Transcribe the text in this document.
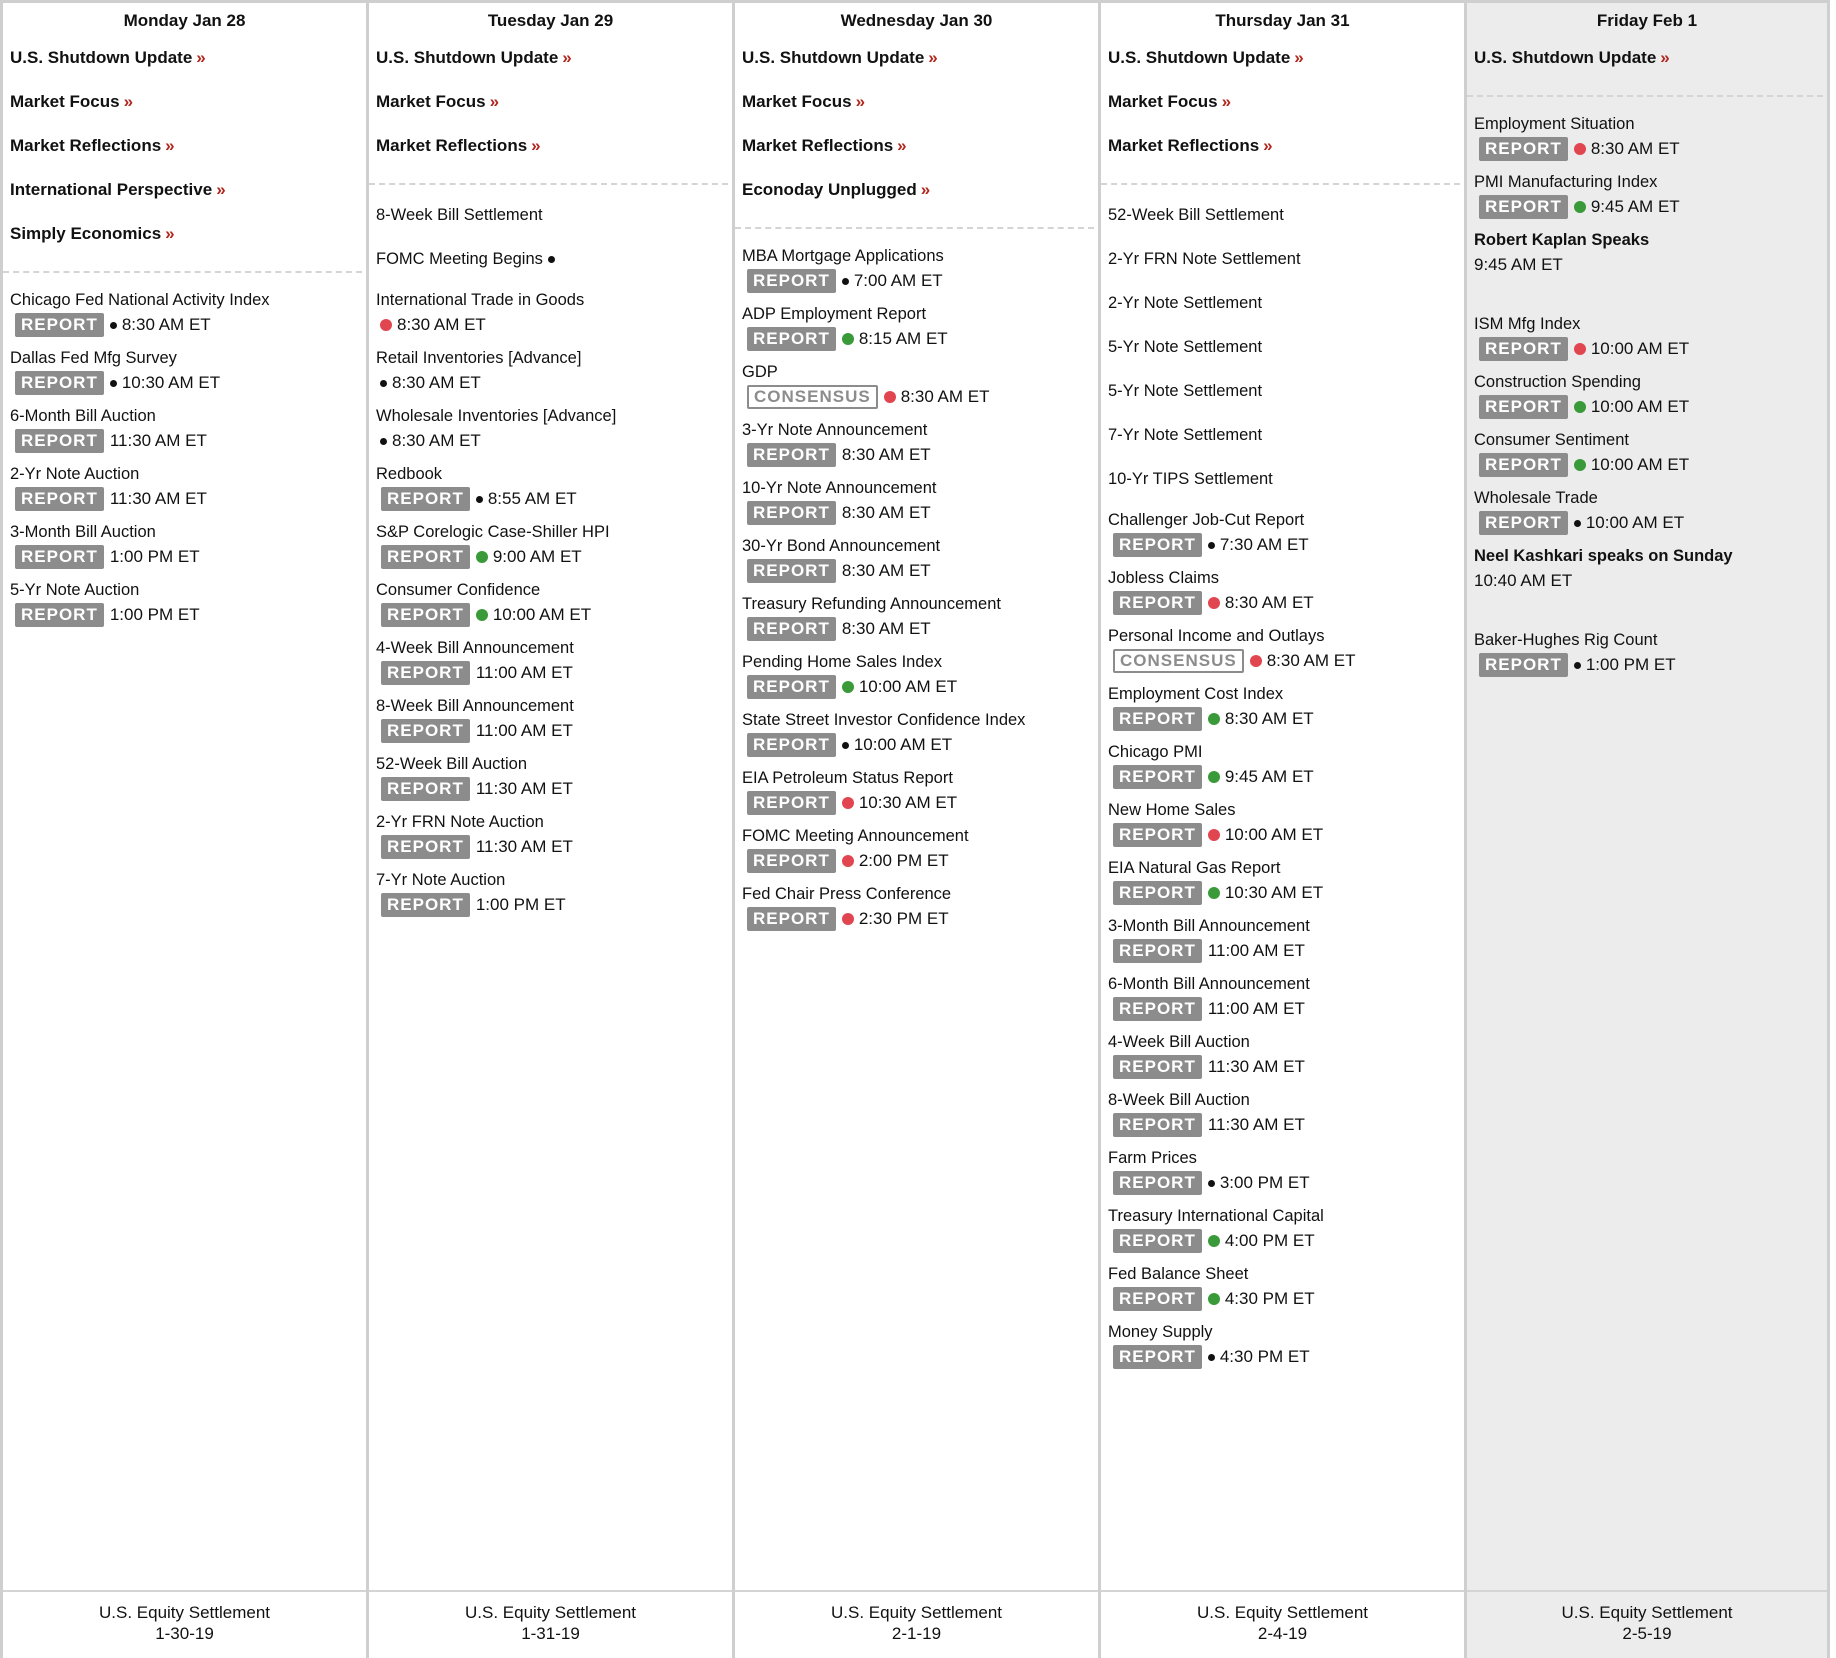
Monday Jan 28
U.S. Shutdown Update »
Market Focus »
Market Reflections »
International Perspective »
Simply Economics »
Chicago Fed National Activity Index
REPORT	8:30 AM ET
Dallas Fed Mfg Survey
REPORT	10:30 AM ET
6-Month Bill Auction
REPORT 11:30 AM ET
2-Yr Note Auction
REPORT 11:30 AM ET
3-Month Bill Auction
REPORT 1:00 PM ET
5-Yr Note Auction
REPORT 1:00 PM ET
U.S. Equity Settlement
1-30-19
Tuesday Jan 29
U.S. Shutdown Update »
Market Focus »
Market Reflections »
8-Week Bill Settlement
FOMC Meeting Begins
International Trade in Goods
8:30 AM ET
Retail Inventories [Advance]
8:30 AM ET
Wholesale Inventories [Advance]
8:30 AM ET
Redbook
REPORT	8:55 AM ET
S&P Corelogic Case-Shiller HPI
REPORT	9:00 AM ET
Consumer Confidence
REPORT	10:00 AM ET
4-Week Bill Announcement
REPORT 11:00 AM ET
8-Week Bill Announcement
REPORT 11:00 AM ET
52-Week Bill Auction
REPORT 11:30 AM ET
2-Yr FRN Note Auction
REPORT 11:30 AM ET
7-Yr Note Auction
REPORT 1:00 PM ET
U.S. Equity Settlement
1-31-19
Wednesday Jan 30
U.S. Shutdown Update »
Market Focus »
Market Reflections »
Econoday Unplugged »
MBA Mortgage Applications
REPORT	7:00 AM ET
ADP Employment Report
REPORT	8:15 AM ET
GDP
CONSENSUS	8:30 AM ET
3-Yr Note Announcement
REPORT 8:30 AM ET
10-Yr Note Announcement
REPORT 8:30 AM ET
30-Yr Bond Announcement
REPORT 8:30 AM ET
Treasury Refunding Announcement
REPORT 8:30 AM ET
Pending Home Sales Index
REPORT	10:00 AM ET
State Street Investor Confidence Index
REPORT	10:00 AM ET
EIA Petroleum Status Report
REPORT	10:30 AM ET
FOMC Meeting Announcement
REPORT	2:00 PM ET
Fed Chair Press Conference
REPORT	2:30 PM ET
U.S. Equity Settlement
2-1-19
Thursday Jan 31
U.S. Shutdown Update »
Market Focus »
Market Reflections »
52-Week Bill Settlement
2-Yr FRN Note Settlement
2-Yr Note Settlement
5-Yr Note Settlement
5-Yr Note Settlement
7-Yr Note Settlement
10-Yr TIPS Settlement
Challenger Job-Cut Report
REPORT	7:30 AM ET
Jobless Claims
REPORT	8:30 AM ET
Personal Income and Outlays
CONSENSUS	8:30 AM ET
Employment Cost Index
REPORT	8:30 AM ET
Chicago PMI
REPORT	9:45 AM ET
New Home Sales
REPORT	10:00 AM ET
EIA Natural Gas Report
REPORT	10:30 AM ET
3-Month Bill Announcement
REPORT 11:00 AM ET
6-Month Bill Announcement
REPORT 11:00 AM ET
4-Week Bill Auction
REPORT 11:30 AM ET
8-Week Bill Auction
REPORT 11:30 AM ET
Farm Prices
REPORT	3:00 PM ET
Treasury International Capital
REPORT	4:00 PM ET
Fed Balance Sheet
REPORT	4:30 PM ET
Money Supply
REPORT	4:30 PM ET
U.S. Equity Settlement
2-4-19
Friday Feb 1
U.S. Shutdown Update »
Employment Situation
REPORT	8:30 AM ET
PMI Manufacturing Index
REPORT	9:45 AM ET
Robert Kaplan Speaks
9:45 AM ET
ISM Mfg Index
REPORT	10:00 AM ET
Construction Spending
REPORT	10:00 AM ET
Consumer Sentiment
REPORT	10:00 AM ET
Wholesale Trade
REPORT	10:00 AM ET
Neel Kashkari speaks on Sunday
10:40 AM ET
Baker-Hughes Rig Count
REPORT	1:00 PM ET
U.S. Equity Settlement
2-5-19
